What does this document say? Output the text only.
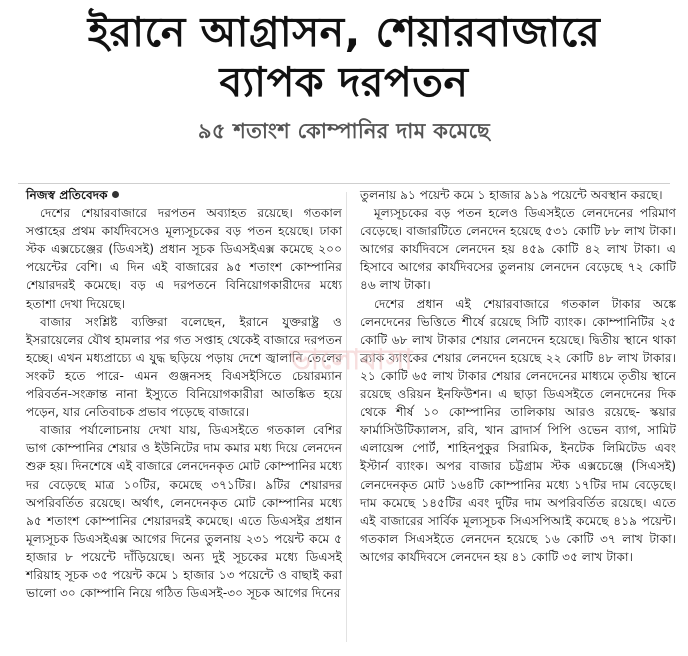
ইরানে আগ্রাসন, শেয়ারবাজারে
ব্যাপক দরপতন
৯৫ শতাংশ কোম্পানির দাম কমেছে

নিজস্ব প্রতিবেদক

দেশের শেয়ারবাজারে দরপতন অব্যাহত রয়েছে। গতকাল সপ্তাহের প্রথম কার্যদিবসেও মূল্যসূচকের বড় পতন হয়েছে। ঢাকা স্টক এক্সচেঞ্জের (ডিএসই) প্রধান সূচক ডিএসইএক্স কমেছে ২০০ পয়েন্টের বেশি। এ দিন এই বাজারের ৯৫ শতাংশ কোম্পানির শেয়ারদরই কমেছে। বড় এ দরপতনে বিনিয়োগকারীদের মধ্যে হতাশা দেখা দিয়েছে।

বাজার সংশ্লিষ্ট ব্যক্তিরা বলেছেন, ইরানে যুক্তরাষ্ট্র ও ইসরায়েলের যৌথ হামলার পর গত সপ্তাহ থেকেই বাজারে দরপতন হচ্ছে। এখন মধ্যপ্রাচ্যে এ যুদ্ধ ছড়িয়ে পড়ায় দেশে জ্বালানি তেলের সংকট হতে পারে- এমন গুঞ্জনসহ বিএসইসিতে চেয়ারম্যান পরিবর্তন-সংক্রান্ত নানা ইস্যুতে বিনিয়োগকারীরা আতঙ্কিত হয়ে পড়েন, যার নেতিবাচক প্রভাব পড়েছে বাজারে।

বাজার পর্যালোচনায় দেখা যায়, ডিএসইতে গতকাল বেশির ভাগ কোম্পানির শেয়ার ও ইউনিটের দাম কমার মধ্য দিয়ে লেনদেন শুরু হয়। দিনশেষে এই বাজারে লেনদেনকৃত মোট কোম্পানির মধ্যে দর বেড়েছে মাত্র ১০টির, কমেছে ৩৭১টির। ৯টির শেয়ারদর অপরিবর্তিত রয়েছে। অর্থাৎ, লেনদেনকৃত মোট কোম্পানির মধ্যে ৯৫ শতাংশ কোম্পানির শেয়ারদরই কমেছে। এতে ডিএসইর প্রধান মূল্যসূচক ডিএসইএক্স আগের দিনের তুলনায় ২৩১ পয়েন্ট কমে ৫ হাজার ৮ পয়েন্টে দাঁড়িয়েছে। অন্য দুই সূচকের মধ্যে ডিএসই শরিয়াহ সূচক ৩৫ পয়েন্ট কমে ১ হাজার ১৩ পয়েন্টে ও বাছাই করা ভালো ৩০ কোম্পানি নিয়ে গঠিত ডিএসই-৩০ সূচক আগের দিনের

তুলনায় ৯১ পয়েন্ট কমে ১ হাজার ৯১৯ পয়েন্টে অবস্থান করছে।

মূল্যসূচকের বড় পতন হলেও ডিএসইতে লেনদেনের পরিমাণ বেড়েছে। বাজারটিতে লেনদেন হয়েছে ৫৩১ কোটি ৮৮ লাখ টাকা। আগের কার্যদিবসে লেনদেন হয় ৪৫৯ কোটি ৪২ লাখ টাকা। এ হিসাবে আগের কার্যদিবসের তুলনায় লেনদেন বেড়েছে ৭২ কোটি ৪৬ লাখ টাকা।

দেশের প্রধান এই শেয়ারবাজারে গতকাল টাকার অঙ্কে লেনদেনের ভিত্তিতে শীর্ষে রয়েছে সিটি ব্যাংক। কোম্পানিটির ২৫ কোটি ৬৮ লাখ টাকার শেয়ার লেনদেন হয়েছে। দ্বিতীয় স্থানে থাকা ব্র্যাক ব্যাংকের শেয়ার লেনদেন হয়েছে ২২ কোটি ৪৮ লাখ টাকার। ২১ কোটি ৬৫ লাখ টাকার শেয়ার লেনদেনের মাধ্যমে তৃতীয় স্থানে রয়েছে ওরিয়ন ইনফিউশন। এ ছাড়া ডিএসইতে লেনদেনের দিক থেকে শীর্ষ ১০ কোম্পানির তালিকায় আরও রয়েছে- স্কয়ার ফার্মাসিউটিক্যালস, রবি, খান ব্রাদার্স পিপি ওভেন ব্যাগ, সামিট এলায়েন্স পোর্ট, শাহিনপুকুর সিরামিক, ইনটেক লিমিটেড এবং ইস্টার্ন ব্যাংক। অপর বাজার চট্টগ্রাম স্টক এক্সচেঞ্জে (সিএসই) লেনদেনকৃত মোট ১৬৪টি কোম্পানির মধ্যে ১৭টির দাম বেড়েছে। দাম কমেছে ১৪৫টির এবং দুটির দাম অপরিবর্তিত রয়েছে। এতে এই বাজারের সার্বিক মূল্যসূচক সিএসপিআই কমেছে ৪১৯ পয়েন্ট। গতকাল সিএসইতে লেনদেন হয়েছে ১৬ কোটি ৩৭ লাখ টাকা। আগের কার্যদিবসে লেনদেন হয় ৪১ কোটি ৩৫ লাখ টাকা।

ভালোবাসা
